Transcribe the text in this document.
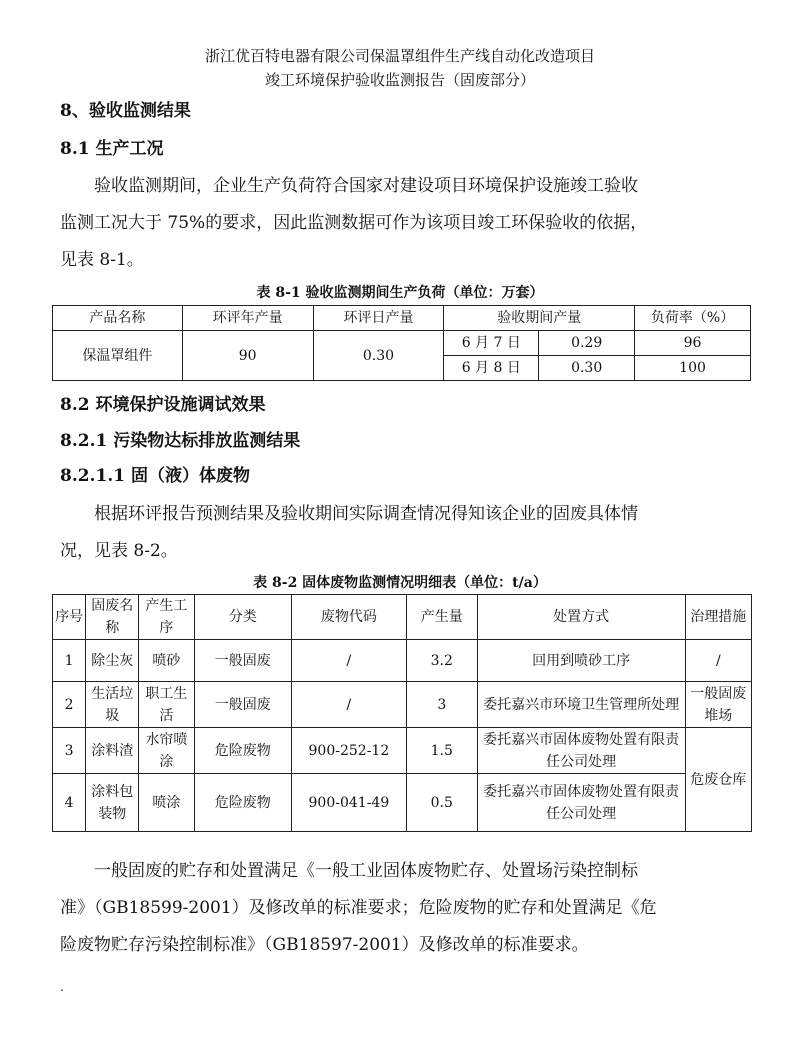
浙江优百特电器有限公司保温罩组件生产线自动化改造项目
竣工环境保护验收监测报告（固废部分）
8、验收监测结果
8.1 生产工况
验收监测期间，企业生产负荷符合国家对建设项目环境保护设施竣工验收
监测工况大于 75%的要求，因此监测数据可作为该项目竣工环保验收的依据，
见表 8-1。
表 8-1 验收监测期间生产负荷（单位：万套）
产品名称	环评年产量	环评日产量	验收期间产量		负荷率（%）
保温罩组件	90	0.30	6 月 7 日	0.29	96
			6 月 8 日	0.30	100
8.2 环境保护设施调试效果
8.2.1 污染物达标排放监测结果
8.2.1.1 固（液）体废物
根据环评报告预测结果及验收期间实际调查情况得知该企业的固废具体情
况，见表 8-2。
表 8-2 固体废物监测情况明细表（单位：t/a）
序号	固废名称	产生工序	分类	废物代码	产生量	处置方式	治理措施
1	除尘灰	喷砂	一般固废	/	3.2	回用到喷砂工序	/
2	生活垃圾	职工生活	一般固废	/	3	委托嘉兴市环境卫生管理所处理	一般固废堆场
3	涂料渣	水帘喷涂	危险废物	900-252-12	1.5	委托嘉兴市固体废物处置有限责任公司处理	危废仓库
4	涂料包装物	喷涂	危险废物	900-041-49	0.5	委托嘉兴市固体废物处置有限责任公司处理	
一般固废的贮存和处置满足《一般工业固体废物贮存、处置场污染控制标
准》（GB18599-2001）及修改单的标准要求；危险废物的贮存和处置满足《危
险废物贮存污染控制标准》（GB18597-2001）及修改单的标准要求。
.
